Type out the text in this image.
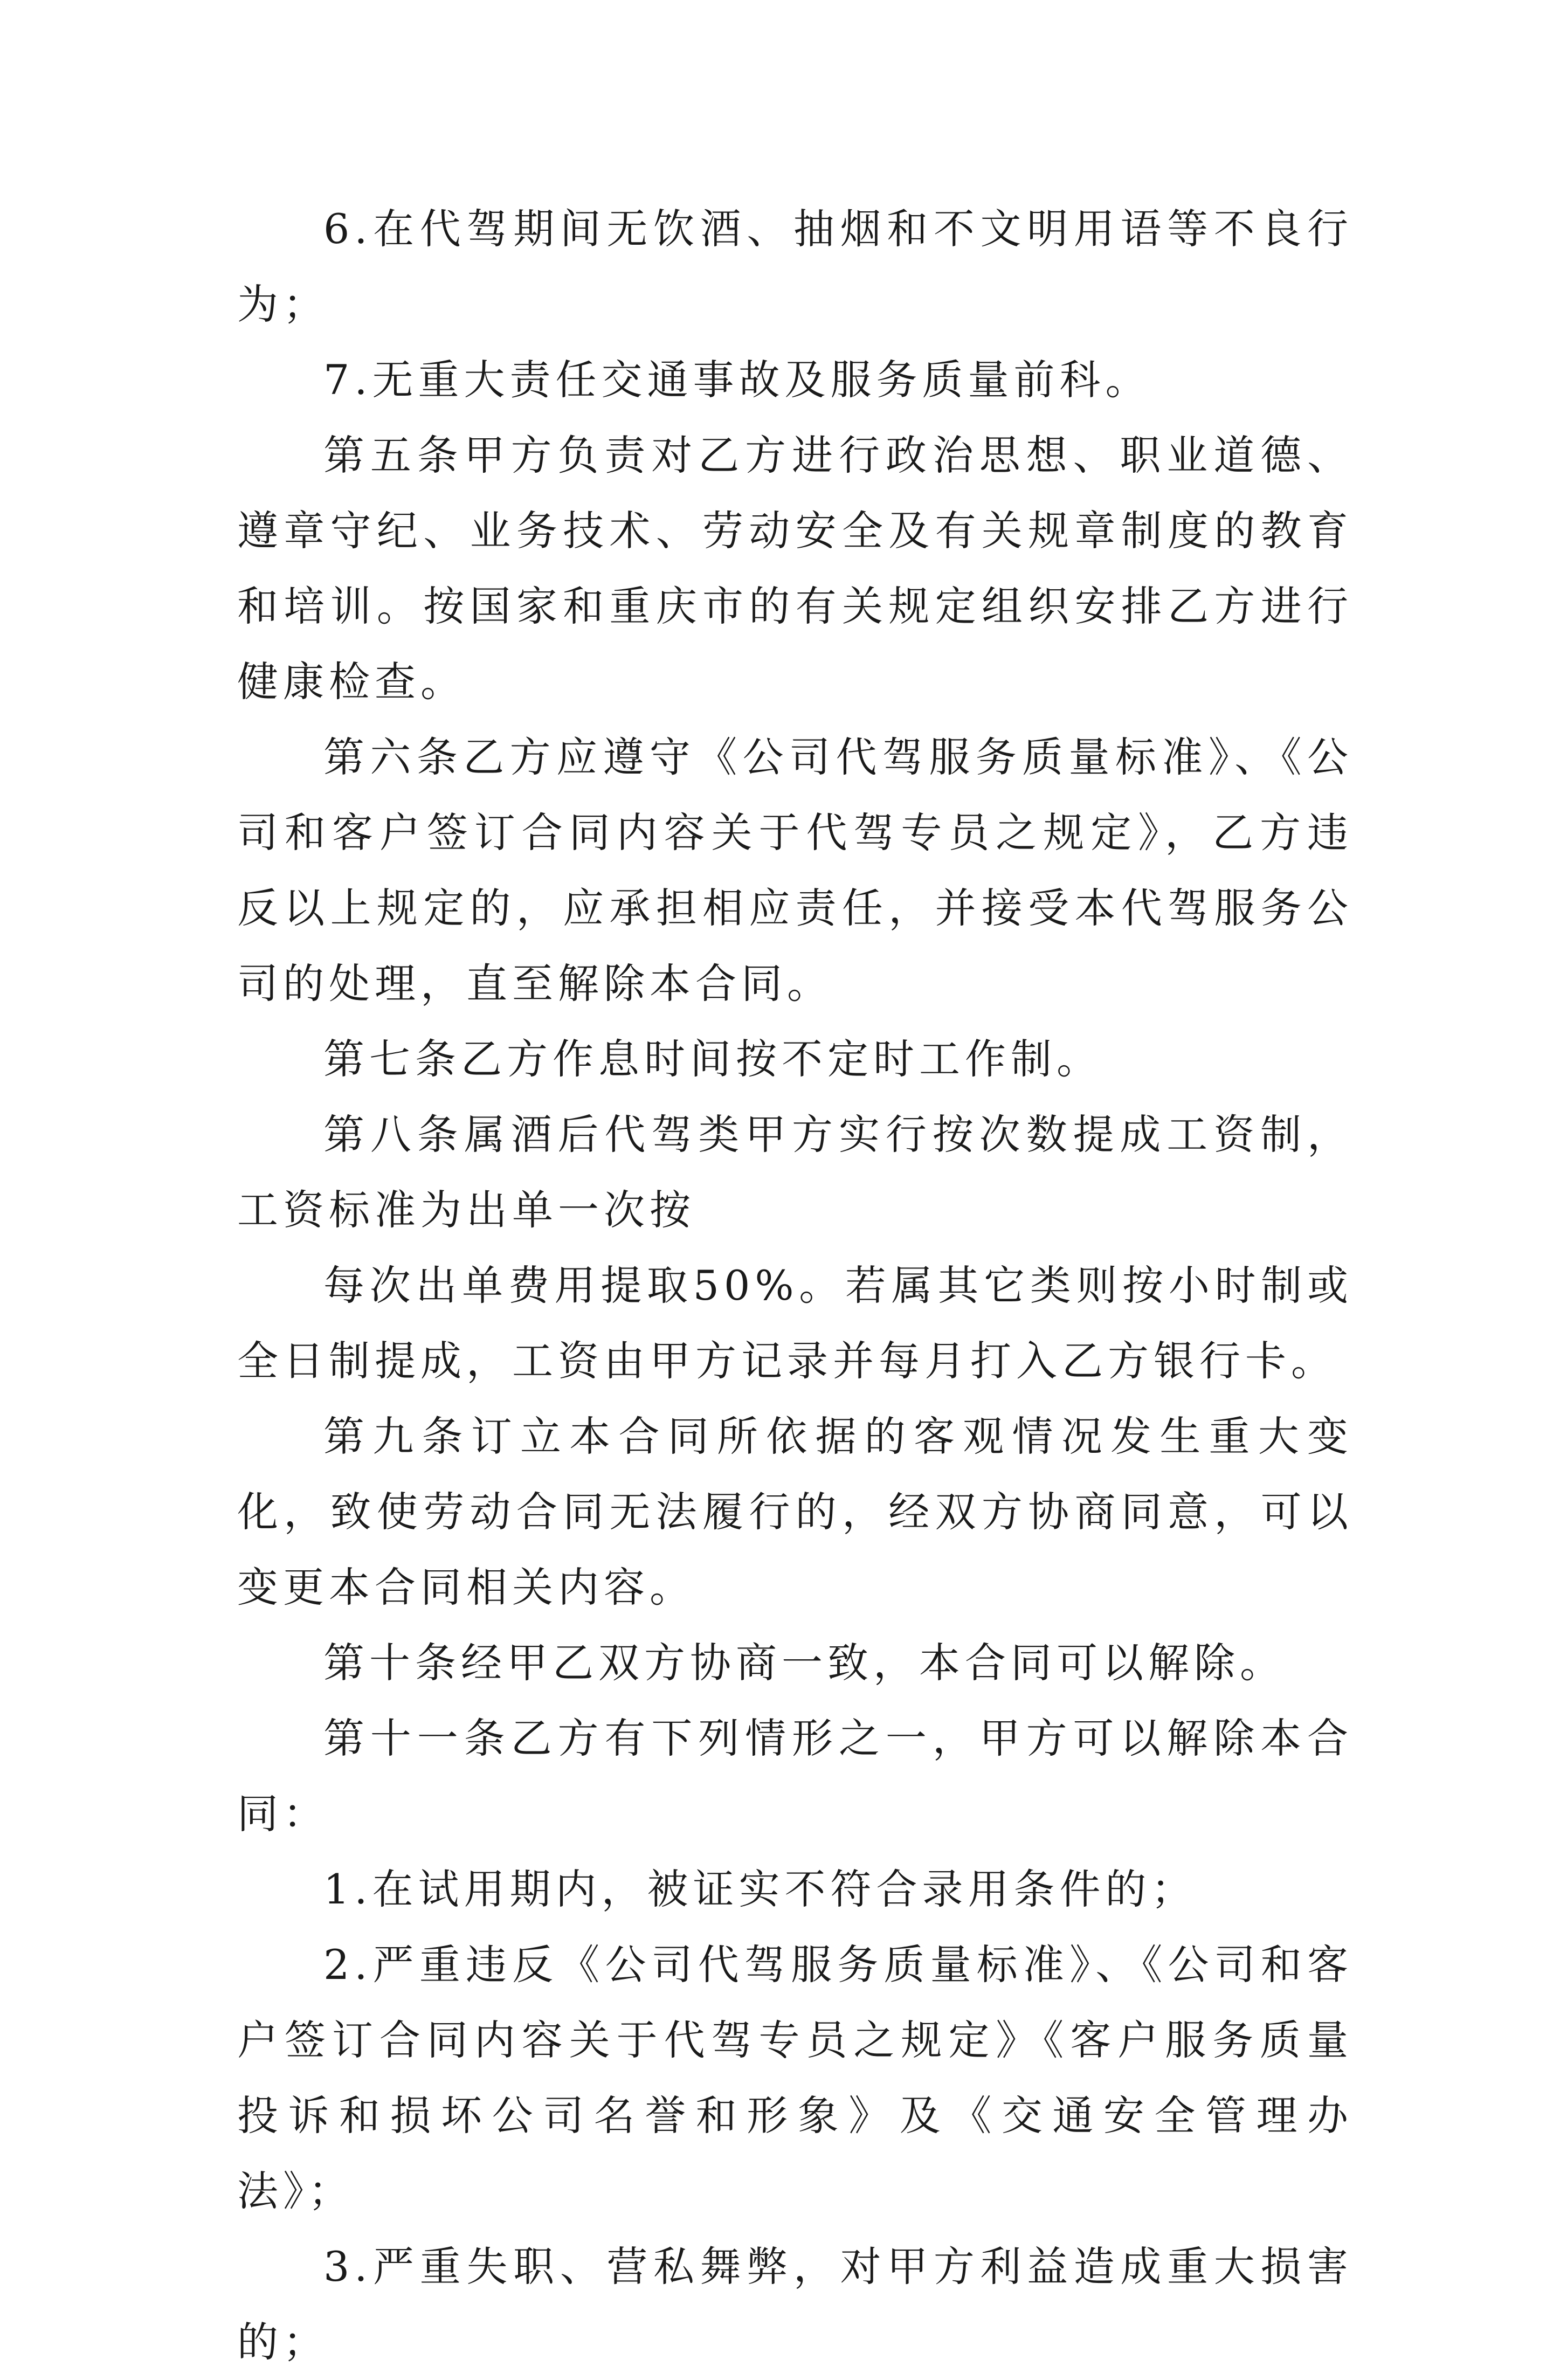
6.在代驾期间无饮酒、抽烟和不文明用语等不良行为；

7.无重大责任交通事故及服务质量前科。

第五条甲方负责对乙方进行政治思想、职业道德、遵章守纪、业务技术、劳动安全及有关规章制度的教育和培训。按国家和重庆市的有关规定组织安排乙方进行健康检查。

第六条乙方应遵守《公司代驾服务质量标准》、《公司和客户签订合同内容关于代驾专员之规定》，乙方违反以上规定的，应承担相应责任，并接受本代驾服务公司的处理，直至解除本合同。

第七条乙方作息时间按不定时工作制。

第八条属酒后代驾类甲方实行按次数提成工资制，工资标准为出单一次按

每次出单费用提取50%。若属其它类则按小时制或全日制提成，工资由甲方记录并每月打入乙方银行卡。

第九条订立本合同所依据的客观情况发生重大变化，致使劳动合同无法履行的，经双方协商同意，可以变更本合同相关内容。

第十条经甲乙双方协商一致，本合同可以解除。

第十一条乙方有下列情形之一，甲方可以解除本合同：

1.在试用期内，被证实不符合录用条件的；

2.严重违反《公司代驾服务质量标准》、《公司和客户签订合同内容关于代驾专员之规定》《客户服务质量投诉和损坏公司名誉和形象》及《交通安全管理办法》；

3.严重失职、营私舞弊，对甲方利益造成重大损害的；
